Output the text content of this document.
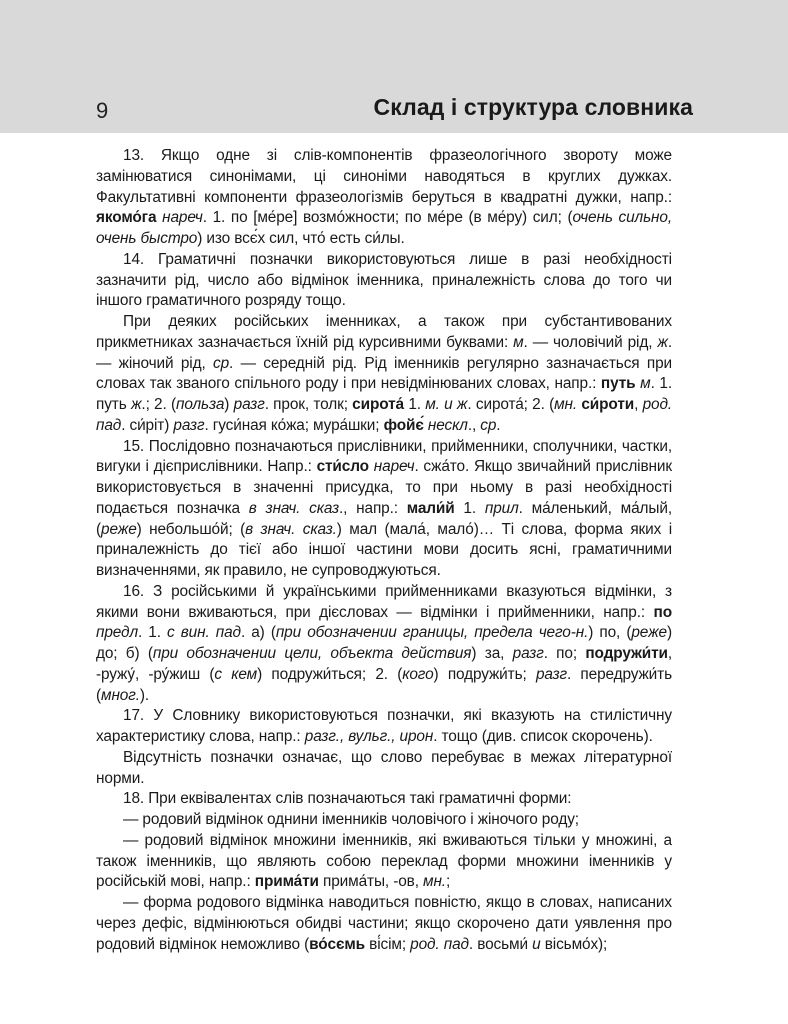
9	Склад і структура словника

13. Якщо одне зі слів-компонентів фразеологічного звороту може замінюватися синонімами, ці синоніми наводяться в круглих дужках. Факультативні компоненти фразеологізмів беруться в квадратні дужки, напр.: якомо́га нареч. 1. по [ме́ре] возмо́жности; по ме́ре (в ме́ру) сил; (очень сильно, очень быстро) изо всє́х сил, что́ есть си́лы.

14. Граматичні позначки використовуються лише в разі необхідності зазначити рід, число або відмінок іменника, приналежність слова до того чи іншого граматичного розряду тощо.

При деяких російських іменниках, а також при субстантивованих прикметниках зазначається їхній рід курсивними буквами: м. — чоловічий рід, ж. — жіночий рід, ср. — середній рід. Рід іменників регулярно зазначається при словах так званого спільного роду і при невідмінюваних словах, напр.: путь м. 1. путь ж.; 2. (польза) разг. прок, толк; сирота́ 1. м. и ж. сирота́; 2. (мн. си́роти, род. пад. си́ріт) разг. гуси́ная ко́жа; мура́шки; фойє́ нескл., ср.

15. Послідовно позначаються прислівники, прийменники, сполучники, частки, вигуки і дієприслівники. Напр.: сти́сло нареч. сжа́то. Якщо звичайний прислівник використовується в значенні присудка, то при ньому в разі необхідності подається позначка в знач. сказ., напр.: мали́й 1. прил. ма́ленький, ма́лый, (реже) небольшо́й; (в знач. сказ.) мал (мала́, мало́)… Ті слова, форма яких і приналежність до тієї або іншої частини мови досить ясні, граматичними визначеннями, як правило, не супроводжуються.

16. З російськими й українськими прийменниками вказуються відмінки, з якими вони вживаються, при дієсловах — відмінки і прийменники, напр.: по предл. 1. с вин. пад. а) (при обозначении границы, предела чего-н.) по, (реже) до; б) (при обозначении цели, объекта действия) за, разг. по; подружи́ти, -ружу́, -ру́жиш (с кем) подружи́ться; 2. (кого) подружи́ть; разг. передружи́ть (мног.).

17. У Словнику використовуються позначки, які вказують на стилістичну характеристику слова, напр.: разг., вульг., ирон. тощо (див. список скорочень).

Відсутність позначки означає, що слово перебуває в межах літературної норми.

18. При еквівалентах слів позначаються такі граматичні форми:

— родовий відмінок однини іменників чоловічого і жіночого роду;

— родовий відмінок множини іменників, які вживаються тільки у множині, а також іменників, що являють собою переклад форми множини іменників у російській мові, напр.: прима́ти прима́ты, -ов, мн.;

— форма родового відмінка наводиться повністю, якщо в словах, написаних через дефіс, відмінюються обидві частини; якщо скорочено дати уявлення про родовий відмінок неможливо (во́сємь ві́сім; род. пад. восьми́ и вісьмо́х);
